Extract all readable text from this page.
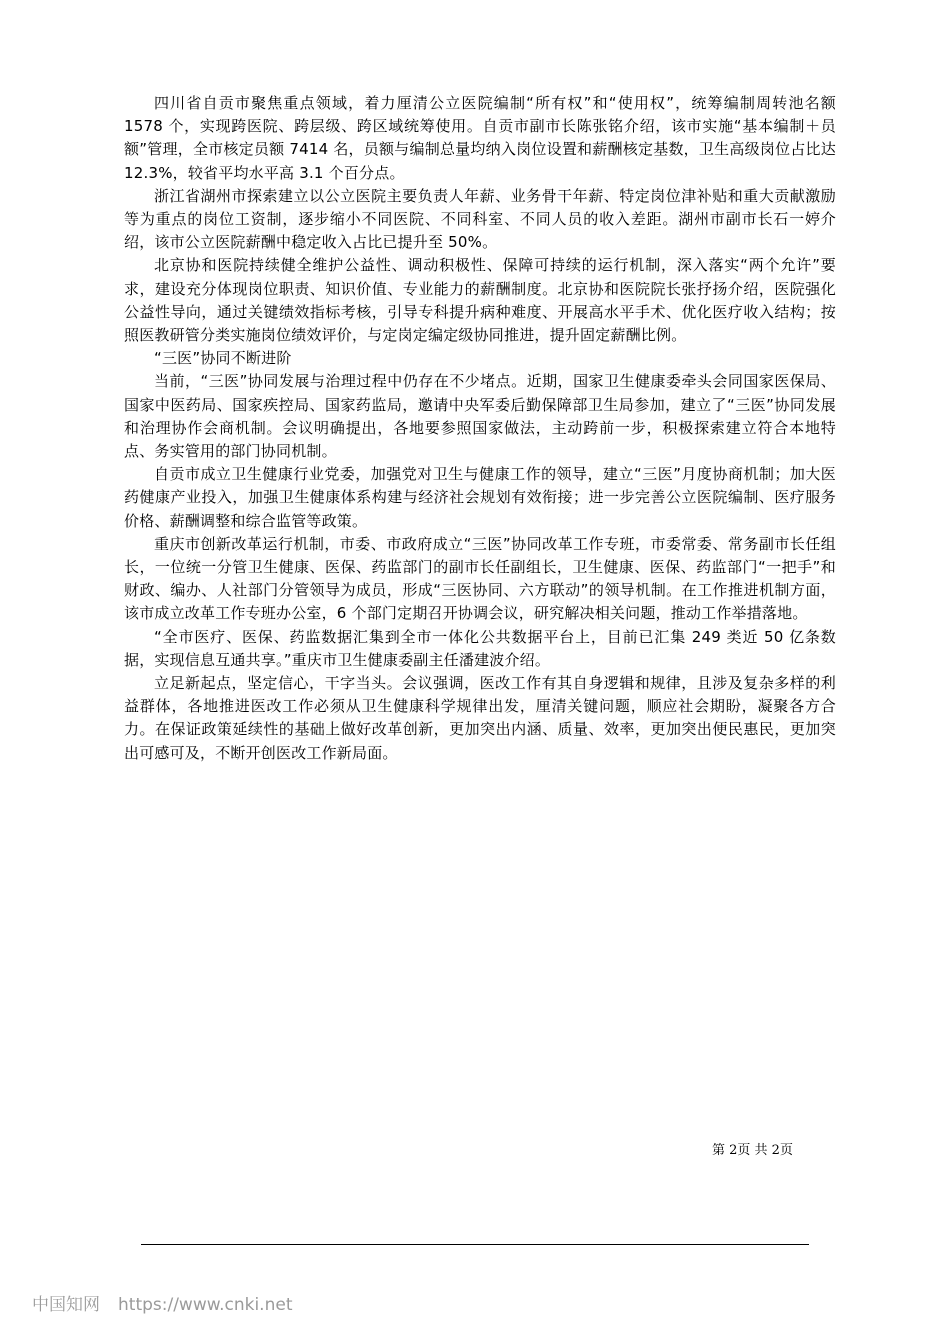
四川省自贡市聚焦重点领域，着力厘清公立医院编制“所有权”和“使用权”，统筹编制周转池名额 1578 个，实现跨医院、跨层级、跨区域统筹使用。自贡市副市长陈张铭介绍，该市实施“基本编制＋员额”管理，全市核定员额 7414 名，员额与编制总量均纳入岗位设置和薪酬核定基数，卫生高级岗位占比达 12.3%，较省平均水平高 3.1 个百分点。

浙江省湖州市探索建立以公立医院主要负责人年薪、业务骨干年薪、特定岗位津补贴和重大贡献激励等为重点的岗位工资制，逐步缩小不同医院、不同科室、不同人员的收入差距。湖州市副市长石一婷介绍，该市公立医院薪酬中稳定收入占比已提升至 50%。

北京协和医院持续健全维护公益性、调动积极性、保障可持续的运行机制，深入落实“两个允许”要求，建设充分体现岗位职责、知识价值、专业能力的薪酬制度。北京协和医院院长张抒扬介绍，医院强化公益性导向，通过关键绩效指标考核，引导专科提升病种难度、开展高水平手术、优化医疗收入结构；按照医教研管分类实施岗位绩效评价，与定岗定编定级协同推进，提升固定薪酬比例。

“三医”协同不断进阶

当前，“三医”协同发展与治理过程中仍存在不少堵点。近期，国家卫生健康委牵头会同国家医保局、国家中医药局、国家疾控局、国家药监局，邀请中央军委后勤保障部卫生局参加，建立了“三医”协同发展和治理协作会商机制。会议明确提出，各地要参照国家做法，主动跨前一步，积极探索建立符合本地特点、务实管用的部门协同机制。

自贡市成立卫生健康行业党委，加强党对卫生与健康工作的领导，建立“三医”月度协商机制；加大医药健康产业投入，加强卫生健康体系构建与经济社会规划有效衔接；进一步完善公立医院编制、医疗服务价格、薪酬调整和综合监管等政策。

重庆市创新改革运行机制，市委、市政府成立“三医”协同改革工作专班，市委常委、常务副市长任组长，一位统一分管卫生健康、医保、药监部门的副市长任副组长，卫生健康、医保、药监部门“一把手”和财政、编办、人社部门分管领导为成员，形成“三医协同、六方联动”的领导机制。在工作推进机制方面，该市成立改革工作专班办公室，6 个部门定期召开协调会议，研究解决相关问题，推动工作举措落地。

“全市医疗、医保、药监数据汇集到全市一体化公共数据平台上，目前已汇集 249 类近 50 亿条数据，实现信息互通共享。”重庆市卫生健康委副主任潘建波介绍。

立足新起点，坚定信心，干字当头。会议强调，医改工作有其自身逻辑和规律，且涉及复杂多样的利益群体，各地推进医改工作必须从卫生健康科学规律出发，厘清关键问题，顺应社会期盼，凝聚各方合力。在保证政策延续性的基础上做好改革创新，更加突出内涵、质量、效率，更加突出便民惠民，更加突出可感可及，不断开创医改工作新局面。

第 2页 共 2页
中国知网 https://www.cnki.net
